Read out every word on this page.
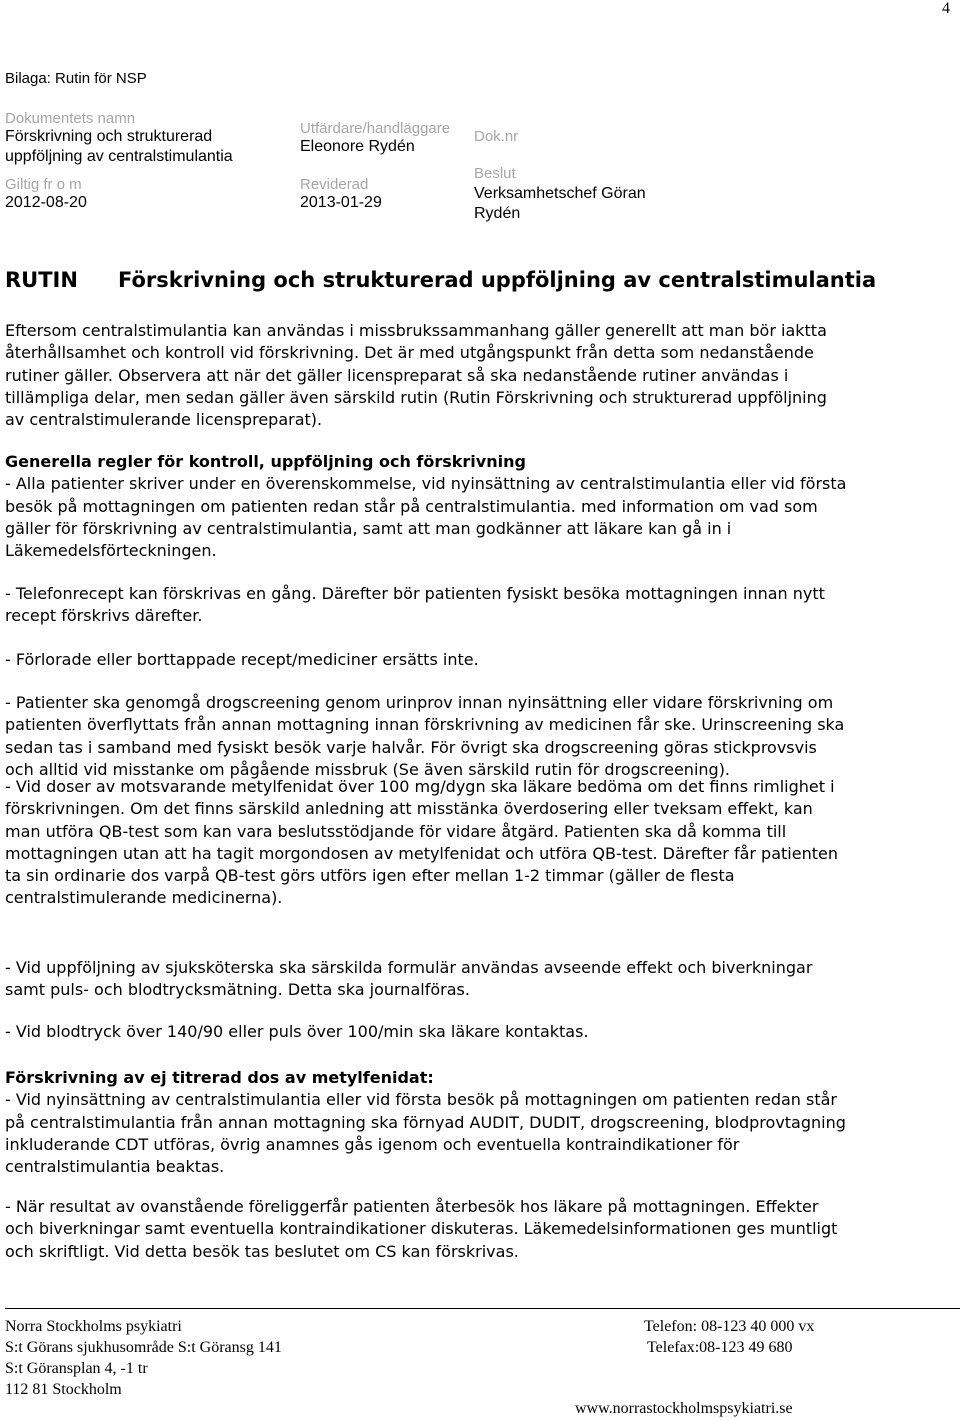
4
Bilaga: Rutin för NSP
Dokumentets namn
Förskrivning och strukturerad
uppföljning av centralstimulantia
Utfärdare/handläggare
Eleonore Rydén
Dok.nr
Giltig fr o m
2012-08-20
Reviderad
2013-01-29
Beslut
Verksamhetschef Göran
Rydén
RUTIN Förskrivning och strukturerad uppföljning av centralstimulantia

Eftersom centralstimulantia kan användas i missbrukssammanhang gäller generellt att man bör iaktta

återhållsamhet och kontroll vid förskrivning. Det är med utgångspunkt från detta som nedanstående

rutiner gäller. Observera att när det gäller licenspreparat så ska nedanstående rutiner användas i

tillämpliga delar, men sedan gäller även särskild rutin (Rutin Förskrivning och strukturerad uppföljning

av centralstimulerande licenspreparat).

Generella regler för kontroll, uppföljning och förskrivning

- Alla patienter skriver under en överenskommelse, vid nyinsättning av centralstimulantia eller vid första

besök på mottagningen om patienten redan står på centralstimulantia. med information om vad som

gäller för förskrivning av centralstimulantia, samt att man godkänner att läkare kan gå in i

Läkemedelsförteckningen.

- Telefonrecept kan förskrivas en gång. Därefter bör patienten fysiskt besöka mottagningen innan nytt

recept förskrivs därefter.

- Förlorade eller borttappade recept/mediciner ersätts inte.

- Patienter ska genomgå drogscreening genom urinprov innan nyinsättning eller vidare förskrivning om

patienten överflyttats från annan mottagning innan förskrivning av medicinen får ske. Urinscreening ska

sedan tas i samband med fysiskt besök varje halvår. För övrigt ska drogscreening göras stickprovsvis

och alltid vid misstanke om pågående missbruk (Se även särskild rutin för drogscreening).

- Vid doser av motsvarande metylfenidat över 100 mg/dygn ska läkare bedöma om det finns rimlighet i

förskrivningen. Om det finns särskild anledning att misstänka överdosering eller tveksam effekt, kan

man utföra QB-test som kan vara beslutsstödjande för vidare åtgärd. Patienten ska då komma till

mottagningen utan att ha tagit morgondosen av metylfenidat och utföra QB-test. Därefter får patienten

ta sin ordinarie dos varpå QB-test görs utförs igen efter mellan 1-2 timmar (gäller de flesta

centralstimulerande medicinerna).

- Vid uppföljning av sjuksköterska ska särskilda formulär användas avseende effekt och biverkningar

samt puls- och blodtrycksmätning. Detta ska journalföras.

- Vid blodtryck över 140/90 eller puls över 100/min ska läkare kontaktas.

Förskrivning av ej titrerad dos av metylfenidat:

- Vid nyinsättning av centralstimulantia eller vid första besök på mottagningen om patienten redan står

på centralstimulantia från annan mottagning ska förnyad AUDIT, DUDIT, drogscreening, blodprovtagning

inkluderande CDT utföras, övrig anamnes gås igenom och eventuella kontraindikationer för

centralstimulantia beaktas.

- När resultat av ovanstående föreliggerfår patienten återbesök hos läkare på mottagningen. Effekter

och biverkningar samt eventuella kontraindikationer diskuteras. Läkemedelsinformationen ges muntligt

och skriftligt. Vid detta besök tas beslutet om CS kan förskrivas.

Norra Stockholms psykiatri
S:t Görans sjukhusområde S:t Göransg 141
S:t Göransplan 4, -1 tr
112 81 Stockholm
Telefon: 08-123 40 000 vx
Telefax:08-123 49 680
www.norrastockholmspsykiatri.se
